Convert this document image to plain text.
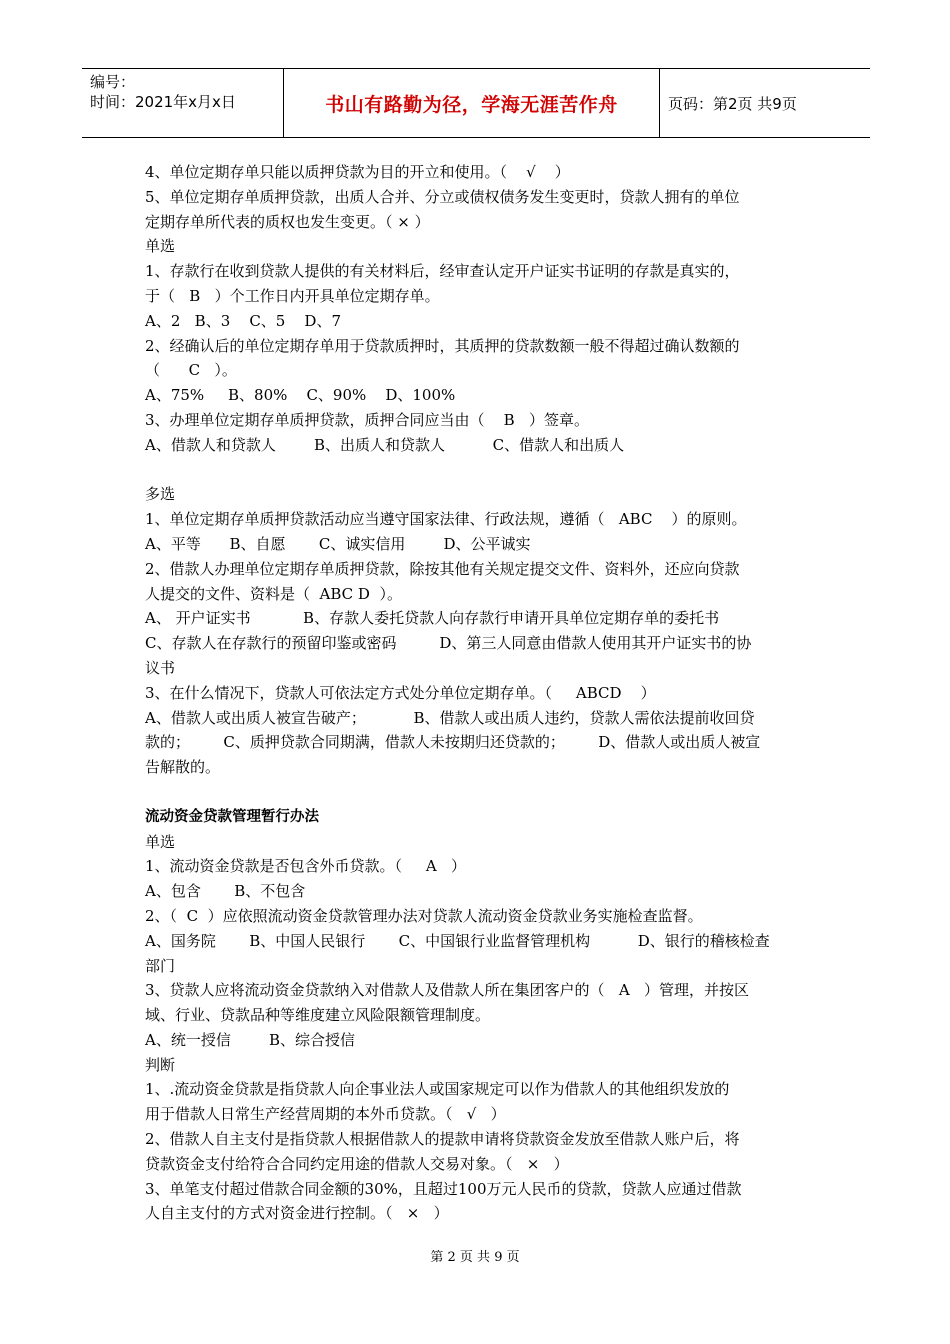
编号：
时间：2021年x月x日	书山有路勤为径，学海无涯苦作舟	页码：第2页 共9页

4、单位定期存单只能以质押贷款为目的开立和使用。（    √    ）

5、单位定期存单质押贷款，出质人合并、分立或债权债务发生变更时，贷款人拥有的单位

定期存单所代表的质权也发生变更。（ × ）

单选

1、存款行在收到贷款人提供的有关材料后，经审查认定开户证实书证明的存款是真实的，

于（   B   ）个工作日内开具单位定期存单。

A、2   B、3    C、5    D、7

2、经确认后的单位定期存单用于贷款质押时，其质押的贷款数额一般不得超过确认数额的

（      C   ）。

A、75%     B、80%    C、90%    D、100%

3、办理单位定期存单质押贷款，质押合同应当由（    B   ）签章。

A、借款人和贷款人        B、出质人和贷款人          C、借款人和出质人

多选

1、单位定期存单质押贷款活动应当遵守国家法律、行政法规，遵循（   ABC    ）的原则。

A、平等      B、自愿       C、诚实信用        D、公平诚实

2、借款人办理单位定期存单质押贷款，除按其他有关规定提交文件、资料外，还应向贷款

人提交的文件、资料是（  ABC D  ）。

A、 开户证实书           B、存款人委托贷款人向存款行申请开具单位定期存单的委托书

C、存款人在存款行的预留印鉴或密码         D、第三人同意由借款人使用其开户证实书的协

议书

3、在什么情况下，贷款人可依法定方式处分单位定期存单。（     ABCD    ）

A、借款人或出质人被宣告破产；          B、借款人或出质人违约，贷款人需依法提前收回贷

款的；       C、质押贷款合同期满，借款人未按期归还贷款的；       D、借款人或出质人被宣

告解散的。

流动资金贷款管理暂行办法

单选

1、流动资金贷款是否包含外币贷款。（     A   ）

A、包含       B、不包含

2、（  C  ）应依照流动资金贷款管理办法对贷款人流动资金贷款业务实施检查监督。

A、国务院       B、中国人民银行       C、中国银行业监督管理机构          D、银行的稽核检查

部门

3、贷款人应将流动资金贷款纳入对借款人及借款人所在集团客户的（   A   ）管理，并按区

域、行业、贷款品种等维度建立风险限额管理制度。

A、统一授信        B、综合授信

判断

1、.流动资金贷款是指贷款人向企事业法人或国家规定可以作为借款人的其他组织发放的

用于借款人日常生产经营周期的本外币贷款。（   √   ）

2、借款人自主支付是指贷款人根据借款人的提款申请将贷款资金发放至借款人账户后，将

贷款资金支付给符合合同约定用途的借款人交易对象。（   ×   ）

3、单笔支付超过借款合同金额的30%，且超过100万元人民币的贷款，贷款人应通过借款

人自主支付的方式对资金进行控制。（   ×   ）

第 2 页 共 9 页
